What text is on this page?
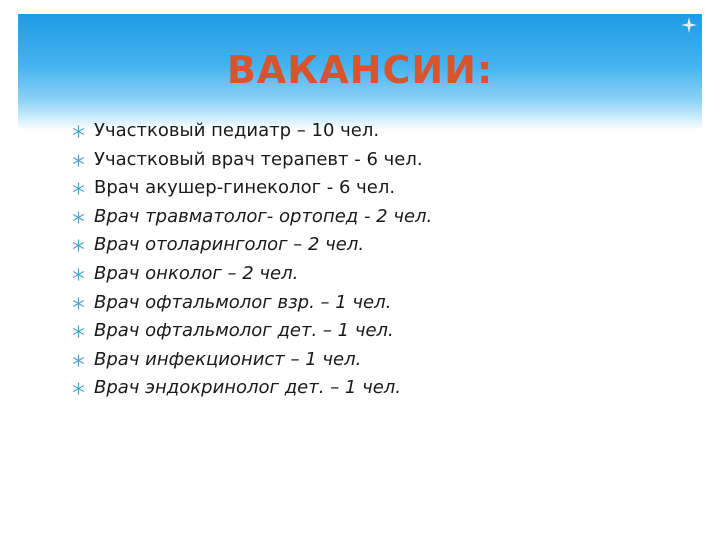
ВАКАНСИИ:
Участковый педиатр – 10 чел.
Участковый врач терапевт - 6 чел.
Врач акушер-гинеколог - 6 чел.
Врач травматолог- ортопед - 2 чел.
Врач отоларинголог – 2 чел.
Врач онколог – 2 чел.
Врач офтальмолог взр. – 1 чел.
Врач офтальмолог дет. – 1 чел.
Врач инфекционист – 1 чел.
Врач эндокринолог дет. – 1 чел.
